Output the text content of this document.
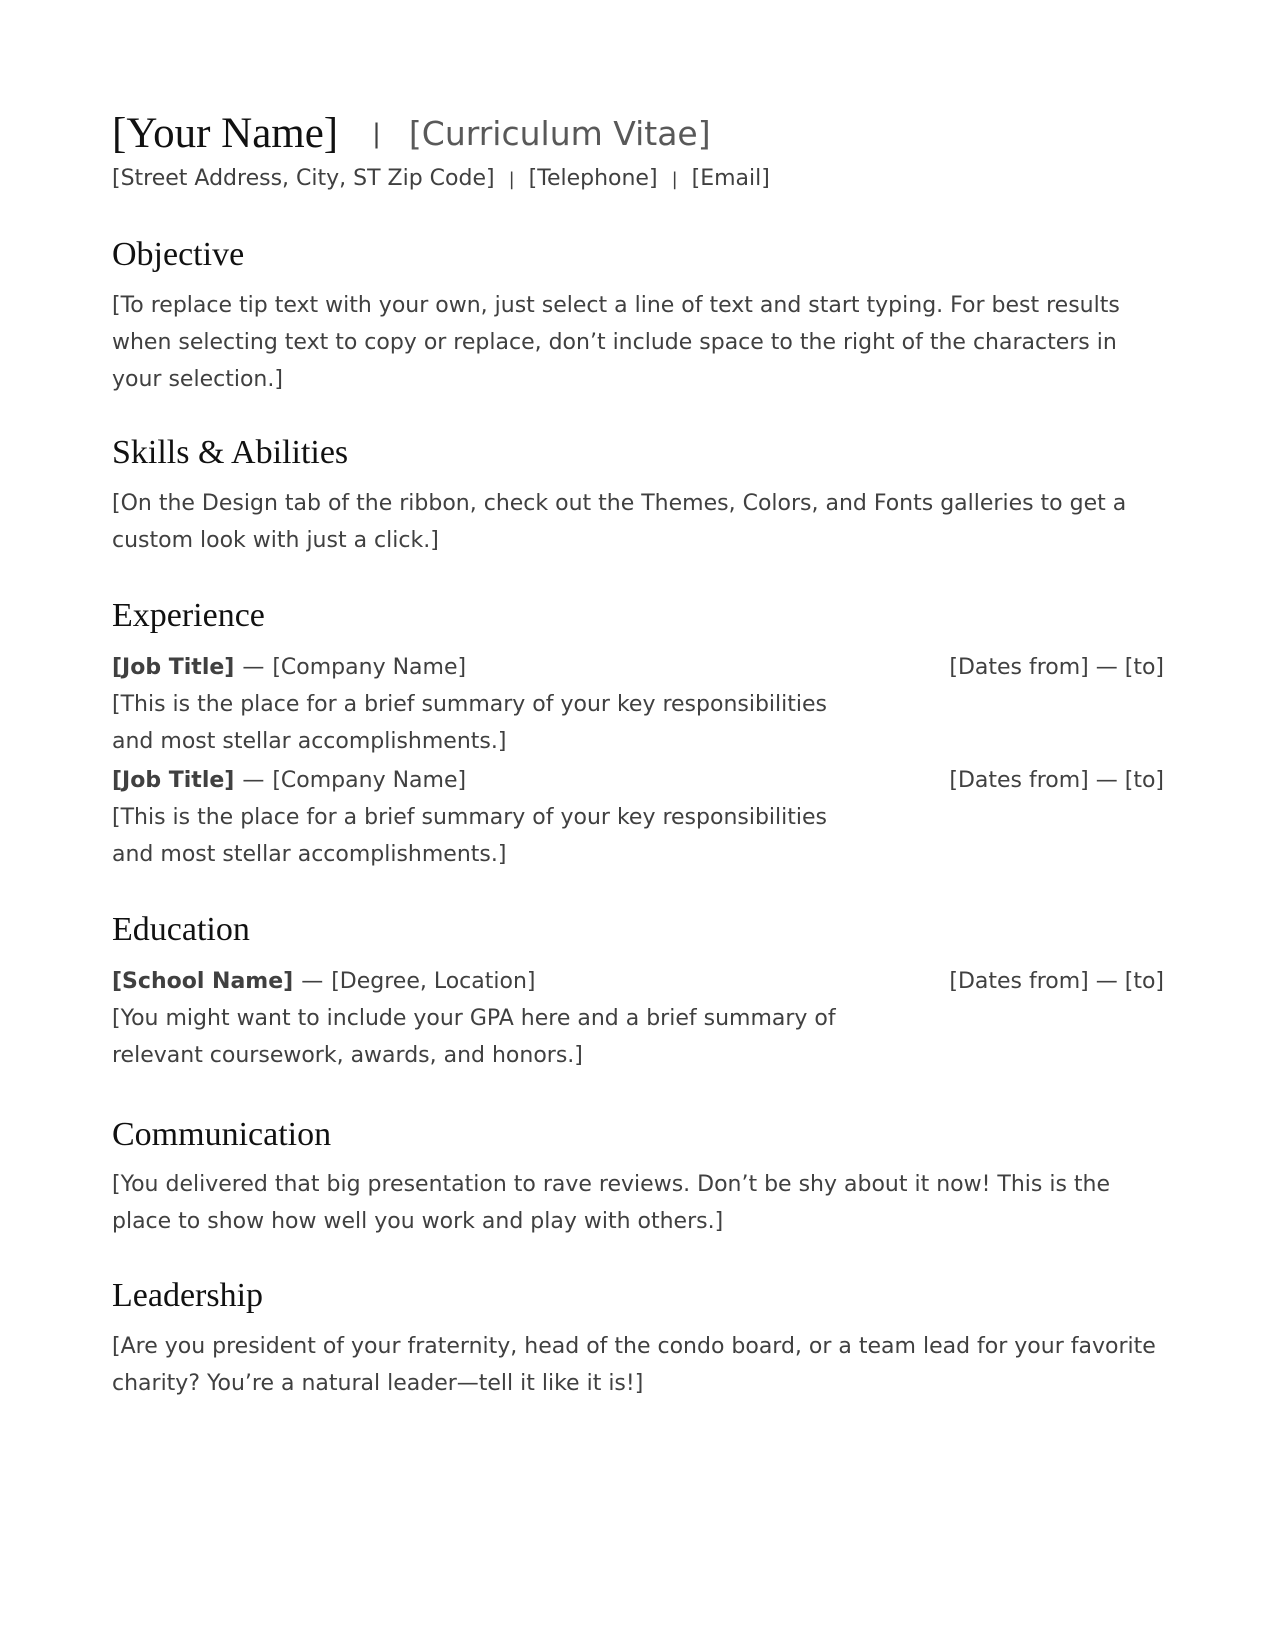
[Your Name] | [Curriculum Vitae]
[Street Address, City, ST Zip Code] | [Telephone] | [Email]
Objective

[To replace tip text with your own, just select a line of text and start typing. For best results when selecting text to copy or replace, don’t include space to the right of the characters in your selection.]

Skills & Abilities

[On the Design tab of the ribbon, check out the Themes, Colors, and Fonts galleries to get a custom look with just a click.]

Experience
[Job Title] — [Company Name]	[Dates from] — [to]
[This is the place for a brief summary of your key responsibilities and most stellar accomplishments.]
[Job Title] — [Company Name]	[Dates from] — [to]
[This is the place for a brief summary of your key responsibilities and most stellar accomplishments.]
Education
[School Name] — [Degree, Location]	[Dates from] — [to]
[You might want to include your GPA here and a brief summary of relevant coursework, awards, and honors.]
Communication

[You delivered that big presentation to rave reviews. Don’t be shy about it now! This is the place to show how well you work and play with others.]

Leadership

[Are you president of your fraternity, head of the condo board, or a team lead for your favorite charity? You’re a natural leader—tell it like it is!]
